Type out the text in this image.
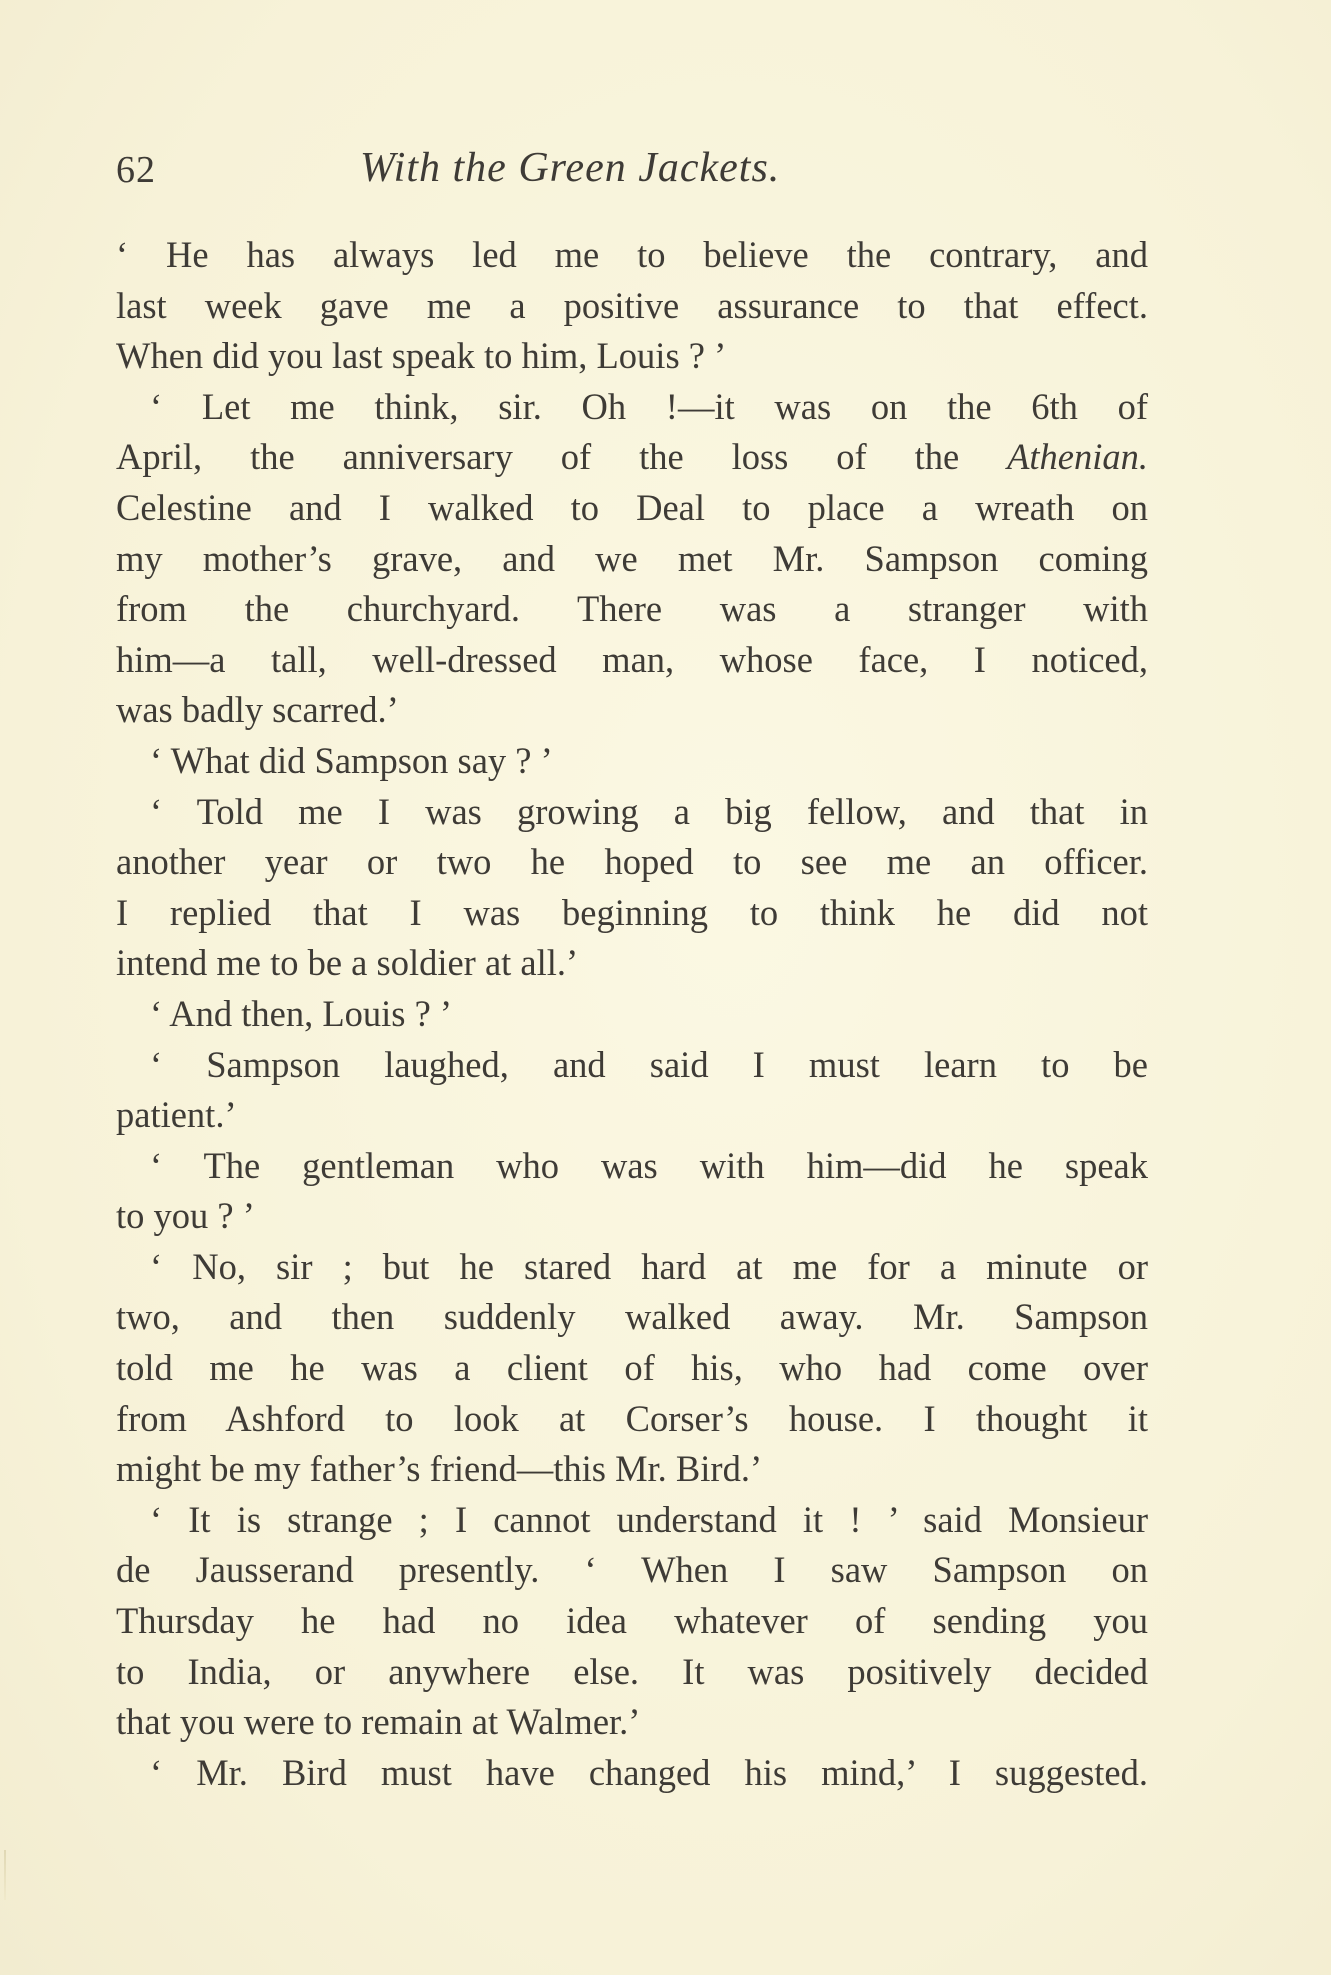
62	With the Green Jackets.
‘ He has always led me to believe the contrary, and
last week gave me a positive assurance to that effect.
When did you last speak to him, Louis ? ’
‘ Let me think, sir. Oh !—it was on the 6th of
April, the anniversary of the loss of the Athenian.
Celestine and I walked to Deal to place a wreath on
my mother’s grave, and we met Mr. Sampson coming
from the churchyard. There was a stranger with
him—a tall, well-dressed man, whose face, I noticed,
was badly scarred.’
‘ What did Sampson say ? ’
‘ Told me I was growing a big fellow, and that in
another year or two he hoped to see me an officer.
I replied that I was beginning to think he did not
intend me to be a soldier at all.’
‘ And then, Louis ? ’
‘ Sampson laughed, and said I must learn to be
patient.’
‘ The gentleman who was with him—did he speak
to you ? ’
‘ No, sir ; but he stared hard at me for a minute or
two, and then suddenly walked away. Mr. Sampson
told me he was a client of his, who had come over
from Ashford to look at Corser’s house. I thought it
might be my father’s friend—this Mr. Bird.’
‘ It is strange ; I cannot understand it ! ’ said Monsieur
de Jausserand presently. ‘ When I saw Sampson on
Thursday he had no idea whatever of sending you
to India, or anywhere else. It was positively decided
that you were to remain at Walmer.’
‘ Mr. Bird must have changed his mind,’ I suggested.
